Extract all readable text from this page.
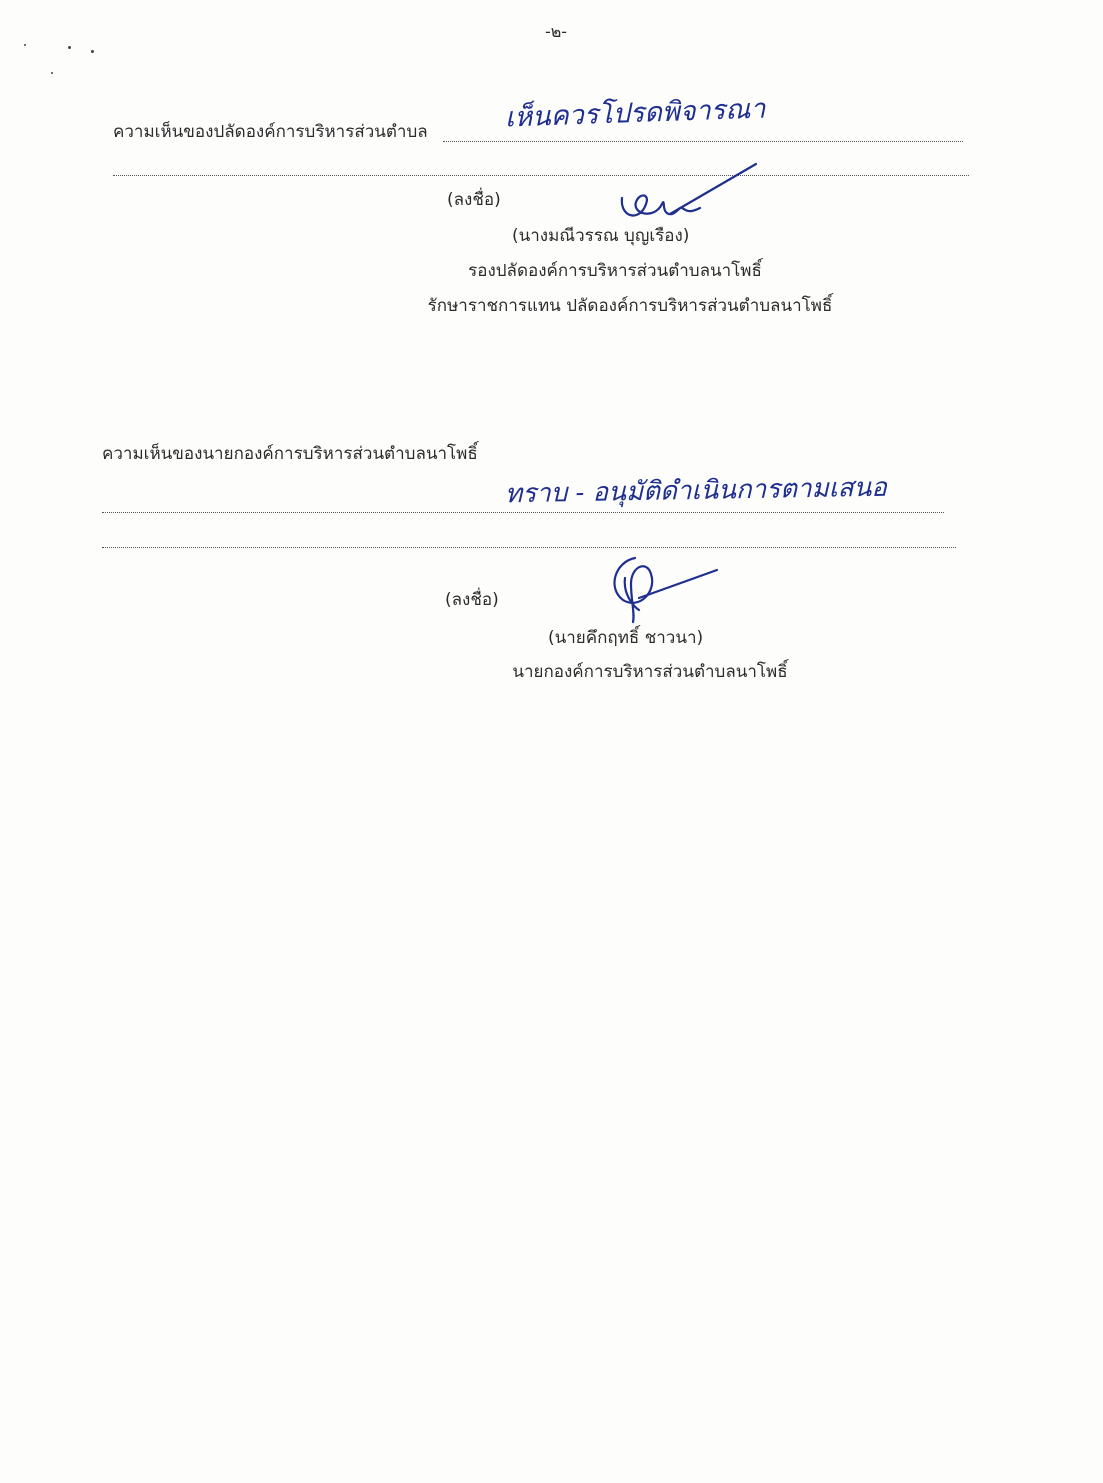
-๒-
ความเห็นของปลัดองค์การบริหารส่วนตำบล	เห็นควรโปรดพิจารณา
(ลงชื่อ)
(นางมณีวรรณ บุญเรือง)
รองปลัดองค์การบริหารส่วนตำบลนาโพธิ์
รักษาราชการแทน ปลัดองค์การบริหารส่วนตำบลนาโพธิ์
ความเห็นของนายกองค์การบริหารส่วนตำบลนาโพธิ์
ทราบ - อนุมัติดำเนินการตามเสนอ
(ลงชื่อ)
(นายคึกฤทธิ์ ชาวนา)
นายกองค์การบริหารส่วนตำบลนาโพธิ์
